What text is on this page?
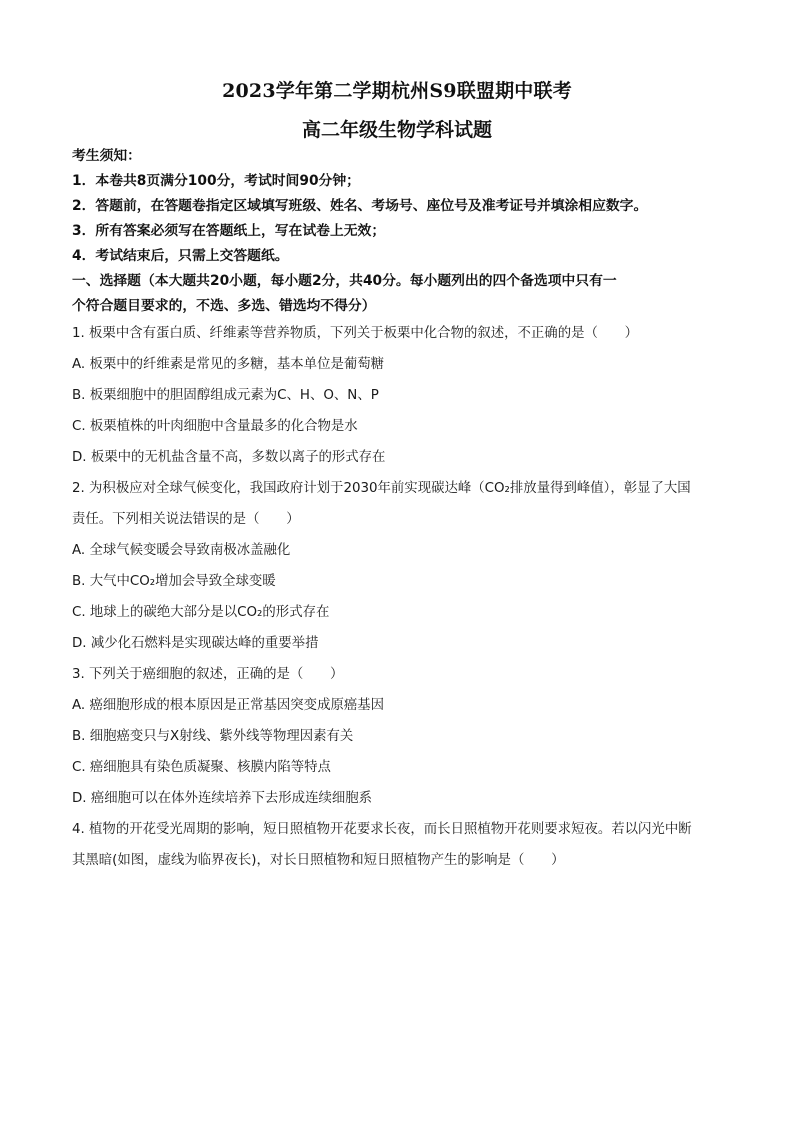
2023学年第二学期杭州S9联盟期中联考
高二年级生物学科试题
考生须知：
1．本卷共8页满分100分，考试时间90分钟；
2．答题前，在答题卷指定区域填写班级、姓名、考场号、座位号及准考证号并填涂相应数字。
3．所有答案必须写在答题纸上，写在试卷上无效；
4．考试结束后，只需上交答题纸。
一、选择题（本大题共20小题，每小题2分，共40分。每小题列出的四个备选项中只有一
个符合题目要求的，不选、多选、错选均不得分）
1. 板栗中含有蛋白质、纤维素等营养物质，下列关于板栗中化合物的叙述，不正确的是（　　）
A. 板栗中的纤维素是常见的多糖，基本单位是葡萄糖
B. 板栗细胞中的胆固醇组成元素为C、H、O、N、P
C. 板栗植株的叶肉细胞中含量最多的化合物是水
D. 板栗中的无机盐含量不高，多数以离子的形式存在
2. 为积极应对全球气候变化，我国政府计划于2030年前实现碳达峰（CO₂排放量得到峰值），彰显了大国
责任。下列相关说法错误的是（　　）
A. 全球气候变暖会导致南极冰盖融化
B. 大气中CO₂增加会导致全球变暖
C. 地球上的碳绝大部分是以CO₂的形式存在
D. 减少化石燃料是实现碳达峰的重要举措
3. 下列关于癌细胞的叙述，正确的是（　　）
A. 癌细胞形成的根本原因是正常基因突变成原癌基因
B. 细胞癌变只与X射线、紫外线等物理因素有关
C. 癌细胞具有染色质凝聚、核膜内陷等特点
D. 癌细胞可以在体外连续培养下去形成连续细胞系
4. 植物的开花受光周期的影响，短日照植物开花要求长夜，而长日照植物开花则要求短夜。若以闪光中断
其黑暗(如图，虚线为临界夜长)，对长日照植物和短日照植物产生的影响是（　　）
